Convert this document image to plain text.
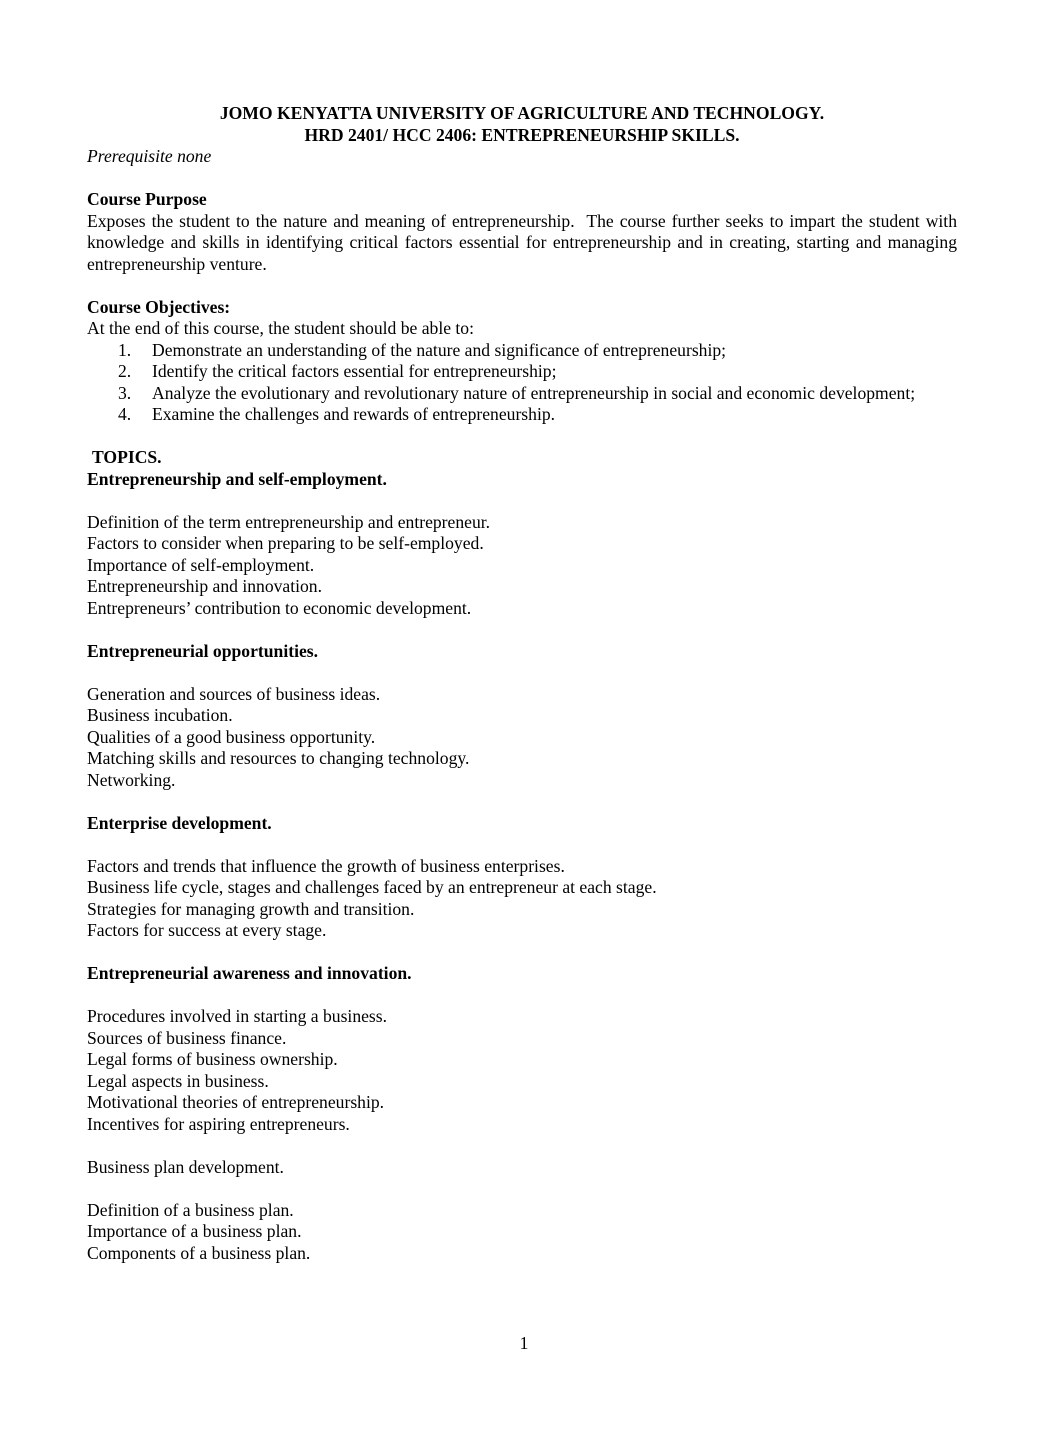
JOMO KENYATTA UNIVERSITY OF AGRICULTURE AND TECHNOLOGY.

HRD 2401/ HCC 2406: ENTREPRENEURSHIP SKILLS.

Prerequisite none

Course Purpose

Exposes the student to the nature and meaning of entrepreneurship.  The course further seeks to impart the student with knowledge and skills in identifying critical factors essential for entrepreneurship and in creating, starting and managing entrepreneurship venture.

Course Objectives:

At the end of this course, the student should be able to:

1.	Demonstrate an understanding of the nature and significance of entrepreneurship;
2.	Identify the critical factors essential for entrepreneurship;
3.	Analyze the evolutionary and revolutionary nature of entrepreneurship in social and economic development;
4.	Examine the challenges and rewards of entrepreneurship.

TOPICS.

Entrepreneurship and self-employment.

Definition of the term entrepreneurship and entrepreneur.

Factors to consider when preparing to be self-employed.

Importance of self-employment.

Entrepreneurship and innovation.

Entrepreneurs’ contribution to economic development.

Entrepreneurial opportunities.

Generation and sources of business ideas.

Business incubation.

Qualities of a good business opportunity.

Matching skills and resources to changing technology.

Networking.

Enterprise development.

Factors and trends that influence the growth of business enterprises.

Business life cycle, stages and challenges faced by an entrepreneur at each stage.

Strategies for managing growth and transition.

Factors for success at every stage.

Entrepreneurial awareness and innovation.

Procedures involved in starting a business.

Sources of business finance.

Legal forms of business ownership.

Legal aspects in business.

Motivational theories of entrepreneurship.

Incentives for aspiring entrepreneurs.

Business plan development.

Definition of a business plan.

Importance of a business plan.

Components of a business plan.

1
